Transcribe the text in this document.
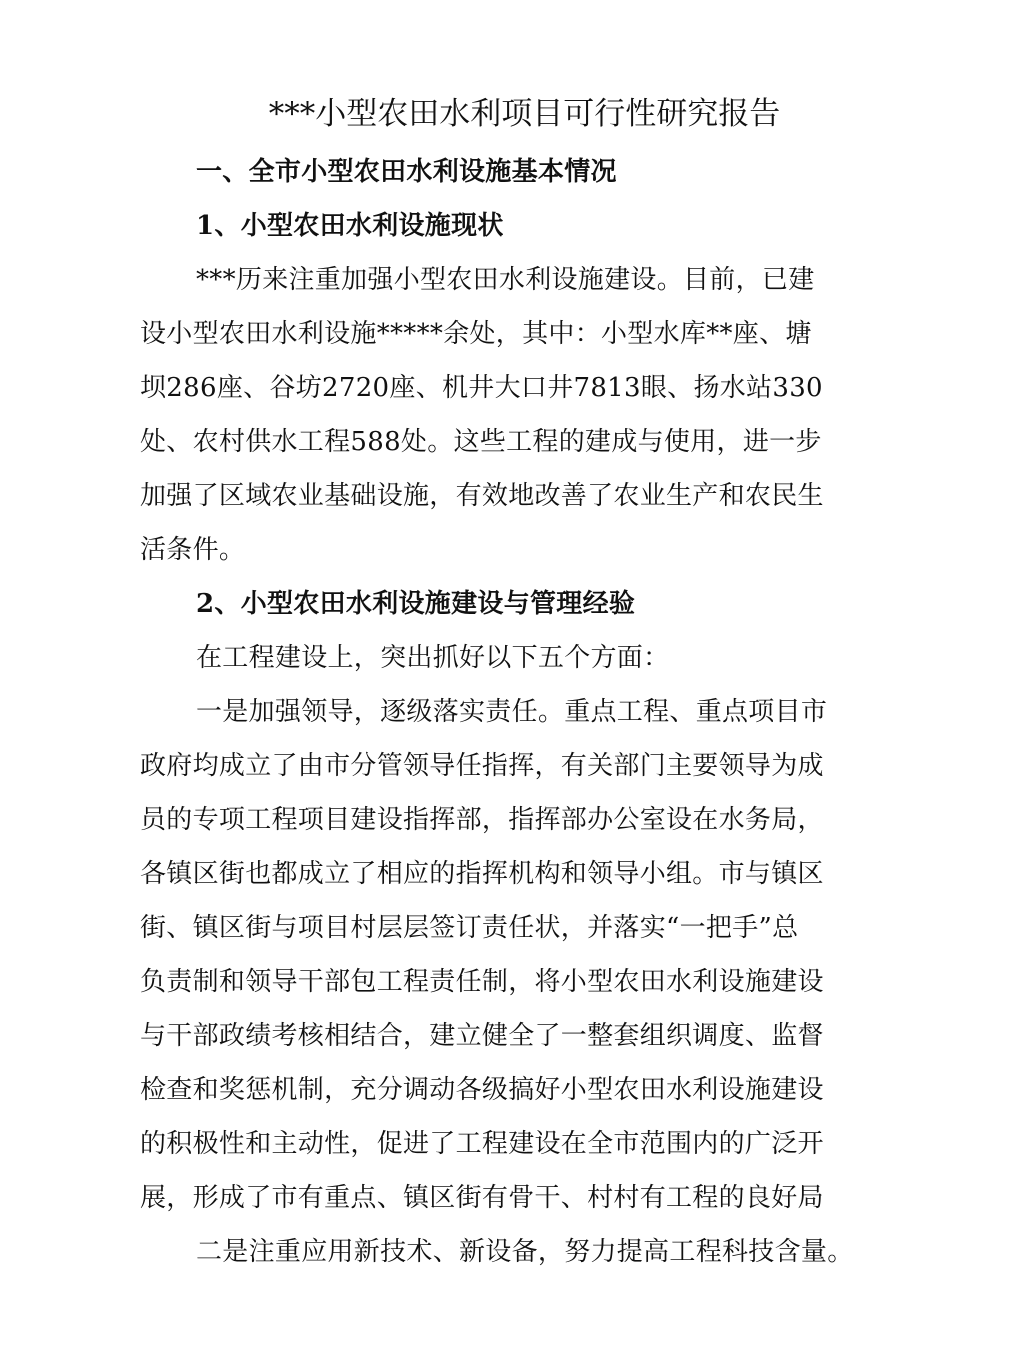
***小型农田水利项目可行性研究报告

一、全市小型农田水利设施基本情况

1、小型农田水利设施现状

***历来注重加强小型农田水利设施建设。目前，已建

设小型农田水利设施*****余处，其中：小型水库**座、塘

坝286座、谷坊2720座、机井大口井7813眼、扬水站330

处、农村供水工程588处。这些工程的建成与使用，进一步

加强了区域农业基础设施，有效地改善了农业生产和农民生

活条件。

2、小型农田水利设施建设与管理经验

在工程建设上，突出抓好以下五个方面：

一是加强领导，逐级落实责任。重点工程、重点项目市

政府均成立了由市分管领导任指挥，有关部门主要领导为成

员的专项工程项目建设指挥部，指挥部办公室设在水务局，

各镇区街也都成立了相应的指挥机构和领导小组。市与镇区

街、镇区街与项目村层层签订责任状，并落实“一把手”总

负责制和领导干部包工程责任制，将小型农田水利设施建设

与干部政绩考核相结合，建立健全了一整套组织调度、监督

检查和奖惩机制，充分调动各级搞好小型农田水利设施建设

的积极性和主动性，促进了工程建设在全市范围内的广泛开

展，形成了市有重点、镇区街有骨干、村村有工程的良好局

二是注重应用新技术、新设备，努力提高工程科技含量。
